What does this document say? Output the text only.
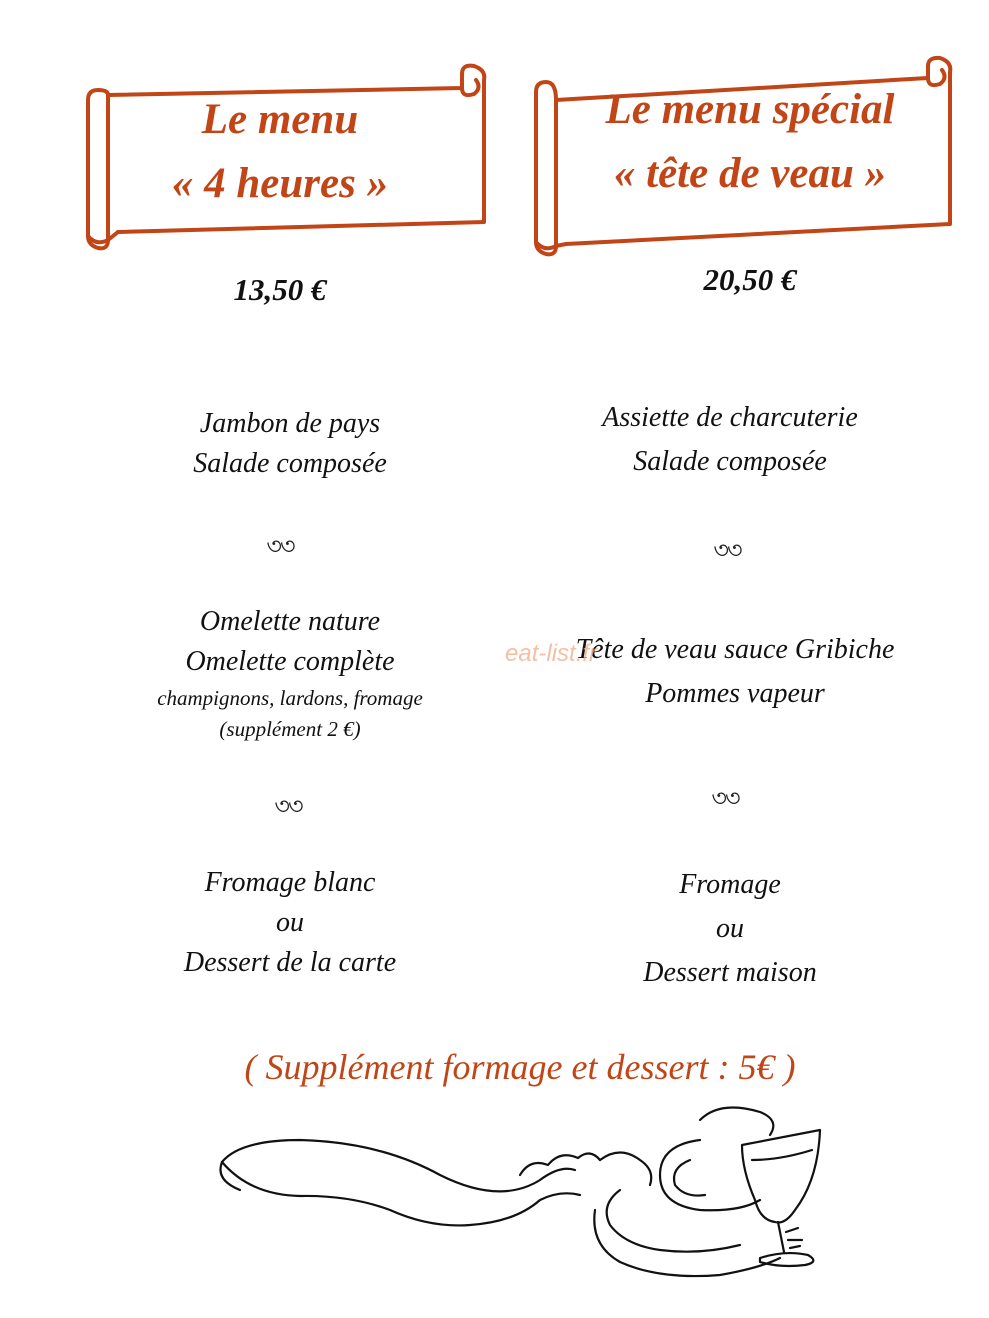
Le menu
« 4 heures »
Le menu spécial
« tête de veau »
13,50 €	20,50 €
Jambon de pays
Salade composée
৩৩
Omelette nature
Omelette complète
champignons, lardons, fromage
(supplément 2 €)
৩৩
Fromage blanc
ou
Dessert de la carte
Assiette de charcuterie
Salade composée
৩৩
Tête de veau sauce Gribiche
Pommes vapeur
৩৩
Fromage
ou
Dessert maison
eat-list.fr
( Supplément formage et dessert : 5€ )
